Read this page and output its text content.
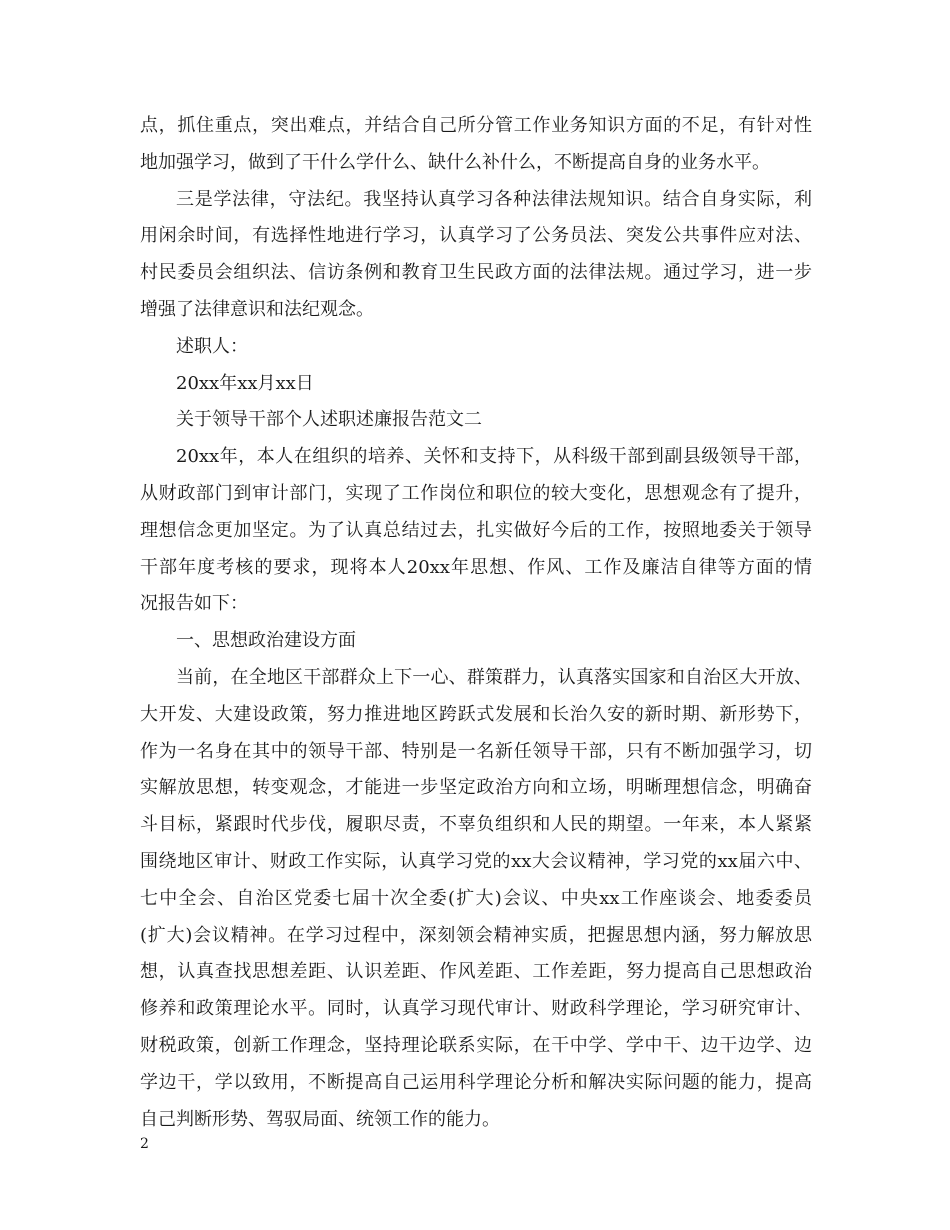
点，抓住重点，突出难点，并结合自己所分管工作业务知识方面的不足，有针对性
地加强学习，做到了干什么学什么、缺什么补什么，不断提高自身的业务水平。
三是学法律，守法纪。我坚持认真学习各种法律法规知识。结合自身实际，利
用闲余时间，有选择性地进行学习，认真学习了公务员法、突发公共事件应对法、
村民委员会组织法、信访条例和教育卫生民政方面的法律法规。通过学习，进一步
增强了法律意识和法纪观念。
述职人：
20xx年xx月xx日
关于领导干部个人述职述廉报告范文二
20xx年，本人在组织的培养、关怀和支持下，从科级干部到副县级领导干部，
从财政部门到审计部门，实现了工作岗位和职位的较大变化，思想观念有了提升，
理想信念更加坚定。为了认真总结过去，扎实做好今后的工作，按照地委关于领导
干部年度考核的要求，现将本人20xx年思想、作风、工作及廉洁自律等方面的情
况报告如下：
一、思想政治建设方面
当前，在全地区干部群众上下一心、群策群力，认真落实国家和自治区大开放、
大开发、大建设政策，努力推进地区跨跃式发展和长治久安的新时期、新形势下，
作为一名身在其中的领导干部、特别是一名新任领导干部，只有不断加强学习，切
实解放思想，转变观念，才能进一步坚定政治方向和立场，明晰理想信念，明确奋
斗目标，紧跟时代步伐，履职尽责，不辜负组织和人民的期望。一年来，本人紧紧
围绕地区审计、财政工作实际，认真学习党的xx大会议精神，学习党的xx届六中、
七中全会、自治区党委七届十次全委(扩大)会议、中央xx工作座谈会、地委委员
(扩大)会议精神。在学习过程中，深刻领会精神实质，把握思想内涵，努力解放思
想，认真查找思想差距、认识差距、作风差距、工作差距，努力提高自己思想政治
修养和政策理论水平。同时，认真学习现代审计、财政科学理论，学习研究审计、
财税政策，创新工作理念，坚持理论联系实际，在干中学、学中干、边干边学、边
学边干，学以致用，不断提高自己运用科学理论分析和解决实际问题的能力，提高
自己判断形势、驾驭局面、统领工作的能力。
2
